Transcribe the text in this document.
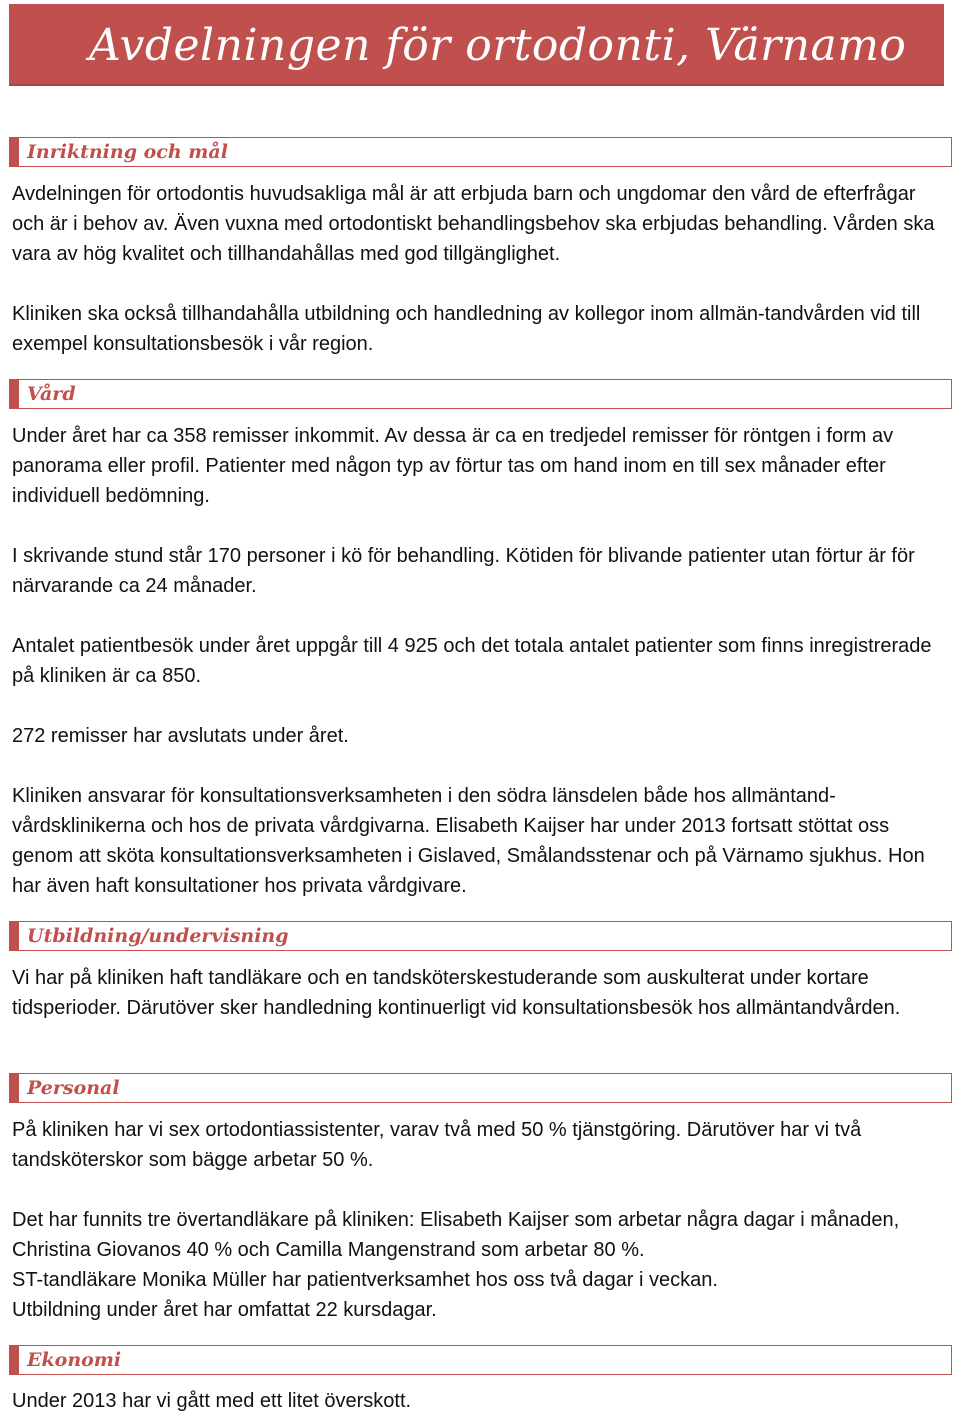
Avdelningen för ortodonti, Värnamo
Inriktning och mål

Avdelningen för ortodontis huvudsakliga mål är att erbjuda barn och ungdomar den vård de efterfrågar och är i behov av. Även vuxna med ortodontiskt behandlingsbehov ska erbjudas behandling. Vården ska vara av hög kvalitet och tillhandahållas med god tillgänglighet.

Kliniken ska också tillhandahålla utbildning och handledning av kollegor inom allmän-tandvården vid till exempel konsultationsbesök i vår region.

Vård

Under året har ca 358 remisser inkommit. Av dessa är ca en tredjedel remisser för röntgen i form av panorama eller profil. Patienter med någon typ av förtur tas om hand inom en till sex månader efter individuell bedömning.

I skrivande stund står 170 personer i kö för behandling. Kötiden för blivande patienter utan förtur är för närvarande ca 24 månader.

Antalet patientbesök under året uppgår till 4 925 och det totala antalet patienter som finns inregistrerade på kliniken är ca 850.

272 remisser har avslutats under året.

Kliniken ansvarar för konsultationsverksamheten i den södra länsdelen både hos allmäntand-vårdsklinikerna och hos de privata vårdgivarna. Elisabeth Kaijser har under 2013 fortsatt stöttat oss genom att sköta konsultationsverksamheten i Gislaved, Smålandsstenar och på Värnamo sjukhus. Hon har även haft konsultationer hos privata vårdgivare.

Utbildning/undervisning

Vi har på kliniken haft tandläkare och en tandsköterskestuderande som auskulterat under kortare tidsperioder. Därutöver sker handledning kontinuerligt vid konsultationsbesök hos allmäntandvården.

Personal

På kliniken har vi sex ortodontiassistenter, varav två med 50 % tjänstgöring. Därutöver har vi två tandsköterskor som bägge arbetar 50 %.

Det har funnits tre övertandläkare på kliniken: Elisabeth Kaijser som arbetar några dagar i månaden, Christina Giovanos 40 % och Camilla Mangenstrand som arbetar 80 %.

ST-tandläkare Monika Müller har patientverksamhet hos oss två dagar i veckan.

Utbildning under året har omfattat 22 kursdagar.

Ekonomi

Under 2013 har vi gått med ett litet överskott.
